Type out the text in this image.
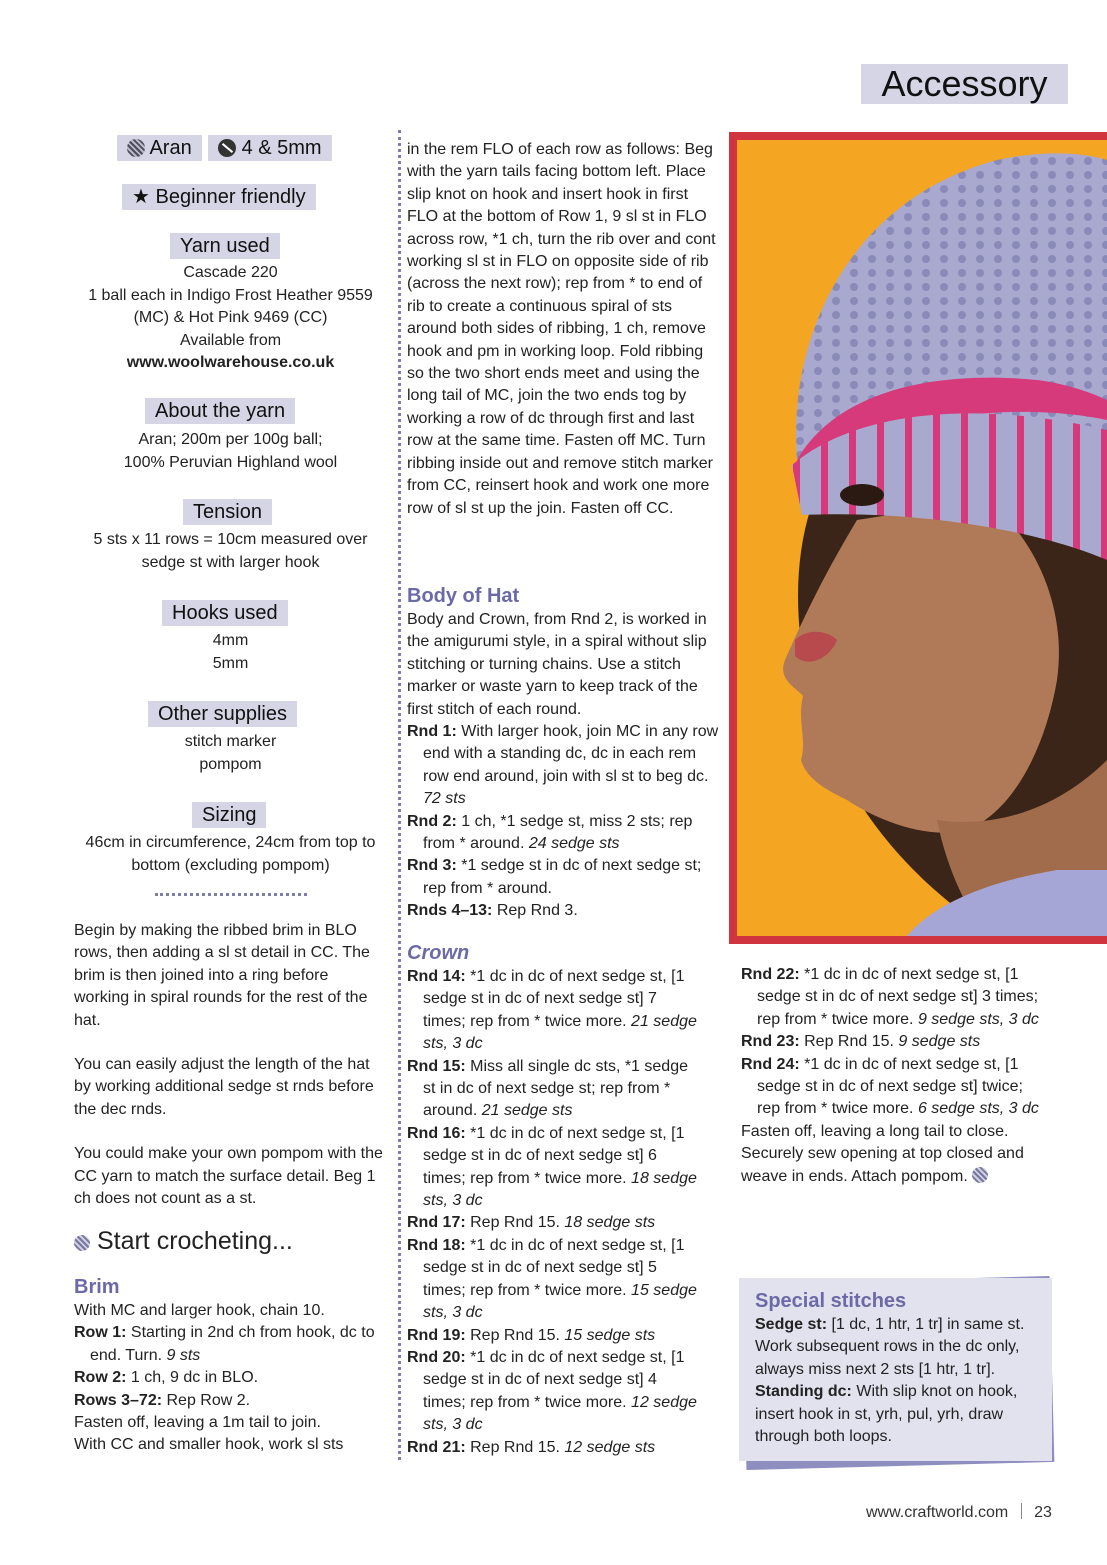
Accessory
Aran	4 & 5mm
★ Beginner friendly
Yarn used
Cascade 220
1 ball each in Indigo Frost Heather 9559
(MC) & Hot Pink 9469 (CC)
Available from
www.woolwarehouse.co.uk
About the yarn
Aran; 200m per 100g ball;
100% Peruvian Highland wool
Tension
5 sts x 11 rows = 10cm measured over
sedge st with larger hook
Hooks used
4mm
5mm
Other supplies
stitch marker
pompom
Sizing
46cm in circumference, 24cm from top to
bottom (excluding pompom)

Begin by making the ribbed brim in BLO rows, then adding a sl st detail in CC. The brim is then joined into a ring before working in spiral rounds for the rest of the hat.

You can easily adjust the length of the hat by working additional sedge st rnds before the dec rnds.

You could make your own pompom with the CC yarn to match the surface detail. Beg 1 ch does not count as a st.

Start crocheting...
Brim

With MC and larger hook, chain 10.

Row 1: Starting in 2nd ch from hook, dc to end. Turn. 9 sts

Row 2: 1 ch, 9 dc in BLO.

Rows 3–72: Rep Row 2.

Fasten off, leaving a 1m tail to join.

With CC and smaller hook, work sl sts

in the rem FLO of each row as follows: Beg with the yarn tails facing bottom left. Place slip knot on hook and insert hook in first FLO at the bottom of Row 1, 9 sl st in FLO across row, *1 ch, turn the rib over and cont working sl st in FLO on opposite side of rib (across the next row); rep from * to end of rib to create a continuous spiral of sts around both sides of ribbing, 1 ch, remove hook and pm in working loop. Fold ribbing so the two short ends meet and using the long tail of MC, join the two ends tog by working a row of dc through first and last row at the same time. Fasten off MC. Turn ribbing inside out and remove stitch marker from CC, reinsert hook and work one more row of sl st up the join. Fasten off CC.

Body of Hat

Body and Crown, from Rnd 2, is worked in the amigurumi style, in a spiral without slip stitching or turning chains. Use a stitch marker or waste yarn to keep track of the first stitch of each round.

Rnd 1: With larger hook, join MC in any row end with a standing dc, dc in each rem row end around, join with sl st to beg dc. 72 sts

Rnd 2: 1 ch, *1 sedge st, miss 2 sts; rep from * around. 24 sedge sts

Rnd 3: *1 sedge st in dc of next sedge st; rep from * around.

Rnds 4–13: Rep Rnd 3.

Crown

Rnd 14: *1 dc in dc of next sedge st, [1 sedge st in dc of next sedge st] 7 times; rep from * twice more. 21 sedge sts, 3 dc

Rnd 15: Miss all single dc sts, *1 sedge st in dc of next sedge st; rep from * around. 21 sedge sts

Rnd 16: *1 dc in dc of next sedge st, [1 sedge st in dc of next sedge st] 6 times; rep from * twice more. 18 sedge sts, 3 dc

Rnd 17: Rep Rnd 15. 18 sedge sts

Rnd 18: *1 dc in dc of next sedge st, [1 sedge st in dc of next sedge st] 5 times; rep from * twice more. 15 sedge sts, 3 dc

Rnd 19: Rep Rnd 15. 15 sedge sts

Rnd 20: *1 dc in dc of next sedge st, [1 sedge st in dc of next sedge st] 4 times; rep from * twice more. 12 sedge sts, 3 dc

Rnd 21: Rep Rnd 15. 12 sedge sts

Rnd 22: *1 dc in dc of next sedge st, [1 sedge st in dc of next sedge st] 3 times; rep from * twice more. 9 sedge sts, 3 dc

Rnd 23: Rep Rnd 15. 9 sedge sts

Rnd 24: *1 dc in dc of next sedge st, [1 sedge st in dc of next sedge st] twice; rep from * twice more. 6 sedge sts, 3 dc

Fasten off, leaving a long tail to close. Securely sew opening at top closed and weave in ends. Attach pompom.

Special stitches

Sedge st: [1 dc, 1 htr, 1 tr] in same st. Work subsequent rows in the dc only, always miss next 2 sts [1 htr, 1 tr].

Standing dc: With slip knot on hook, insert hook in st, yrh, pul, yrh, draw through both loops.

www.craftworld.com 23
